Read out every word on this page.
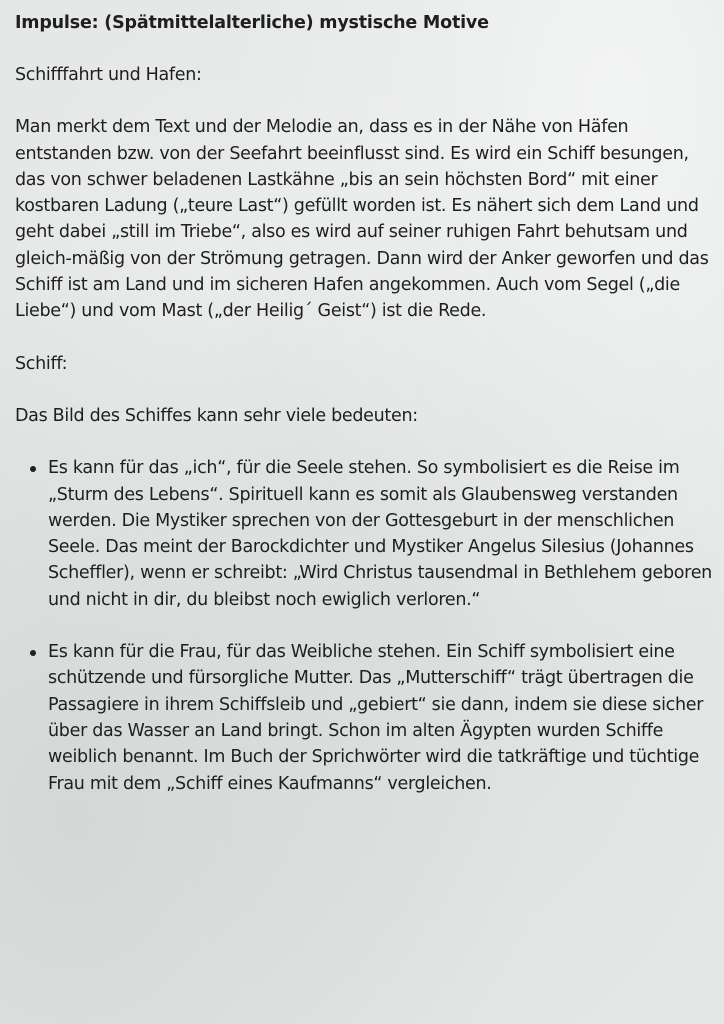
Impulse: (Spätmittelalterliche) mystische Motive

Schifffahrt und Hafen:

Man merkt dem Text und der Melodie an, dass es in der Nähe von Häfen entstanden bzw. von der Seefahrt beeinflusst sind. Es wird ein Schiff besungen, das von schwer beladenen Lastkähne „bis an sein höchsten Bord“ mit einer kostbaren Ladung („teure Last“) gefüllt worden ist. Es nähert sich dem Land und geht dabei „still im Triebe“, also es wird auf seiner ruhigen Fahrt behutsam und gleich-mäßig von der Strömung getragen. Dann wird der Anker geworfen und das Schiff ist am Land und im sicheren Hafen angekommen. Auch vom Segel („die Liebe“) und vom Mast („der Heilig´ Geist“) ist die Rede.

Schiff:

Das Bild des Schiffes kann sehr viele bedeuten:

Es kann für das „ich“, für die Seele stehen. So symbolisiert es die Reise im „Sturm des Lebens“. Spirituell kann es somit als Glaubensweg verstanden werden. Die Mystiker sprechen von der Gottesgeburt in der menschlichen Seele. Das meint der Barockdichter und Mystiker Angelus Silesius (Johannes Scheffler), wenn er schreibt: „Wird Christus tausendmal in Bethlehem geboren und nicht in dir, du bleibst noch ewiglich verloren.“
Es kann für die Frau, für das Weibliche stehen. Ein Schiff symbolisiert eine schützende und fürsorgliche Mutter. Das „Mutterschiff“ trägt übertragen die Passagiere in ihrem Schiffsleib und „gebiert“ sie dann, indem sie diese sicher über das Wasser an Land bringt. Schon im alten Ägypten wurden Schiffe weiblich benannt. Im Buch der Sprichwörter wird die tatkräftige und tüchtige Frau mit dem „Schiff eines Kaufmanns“ vergleichen.
